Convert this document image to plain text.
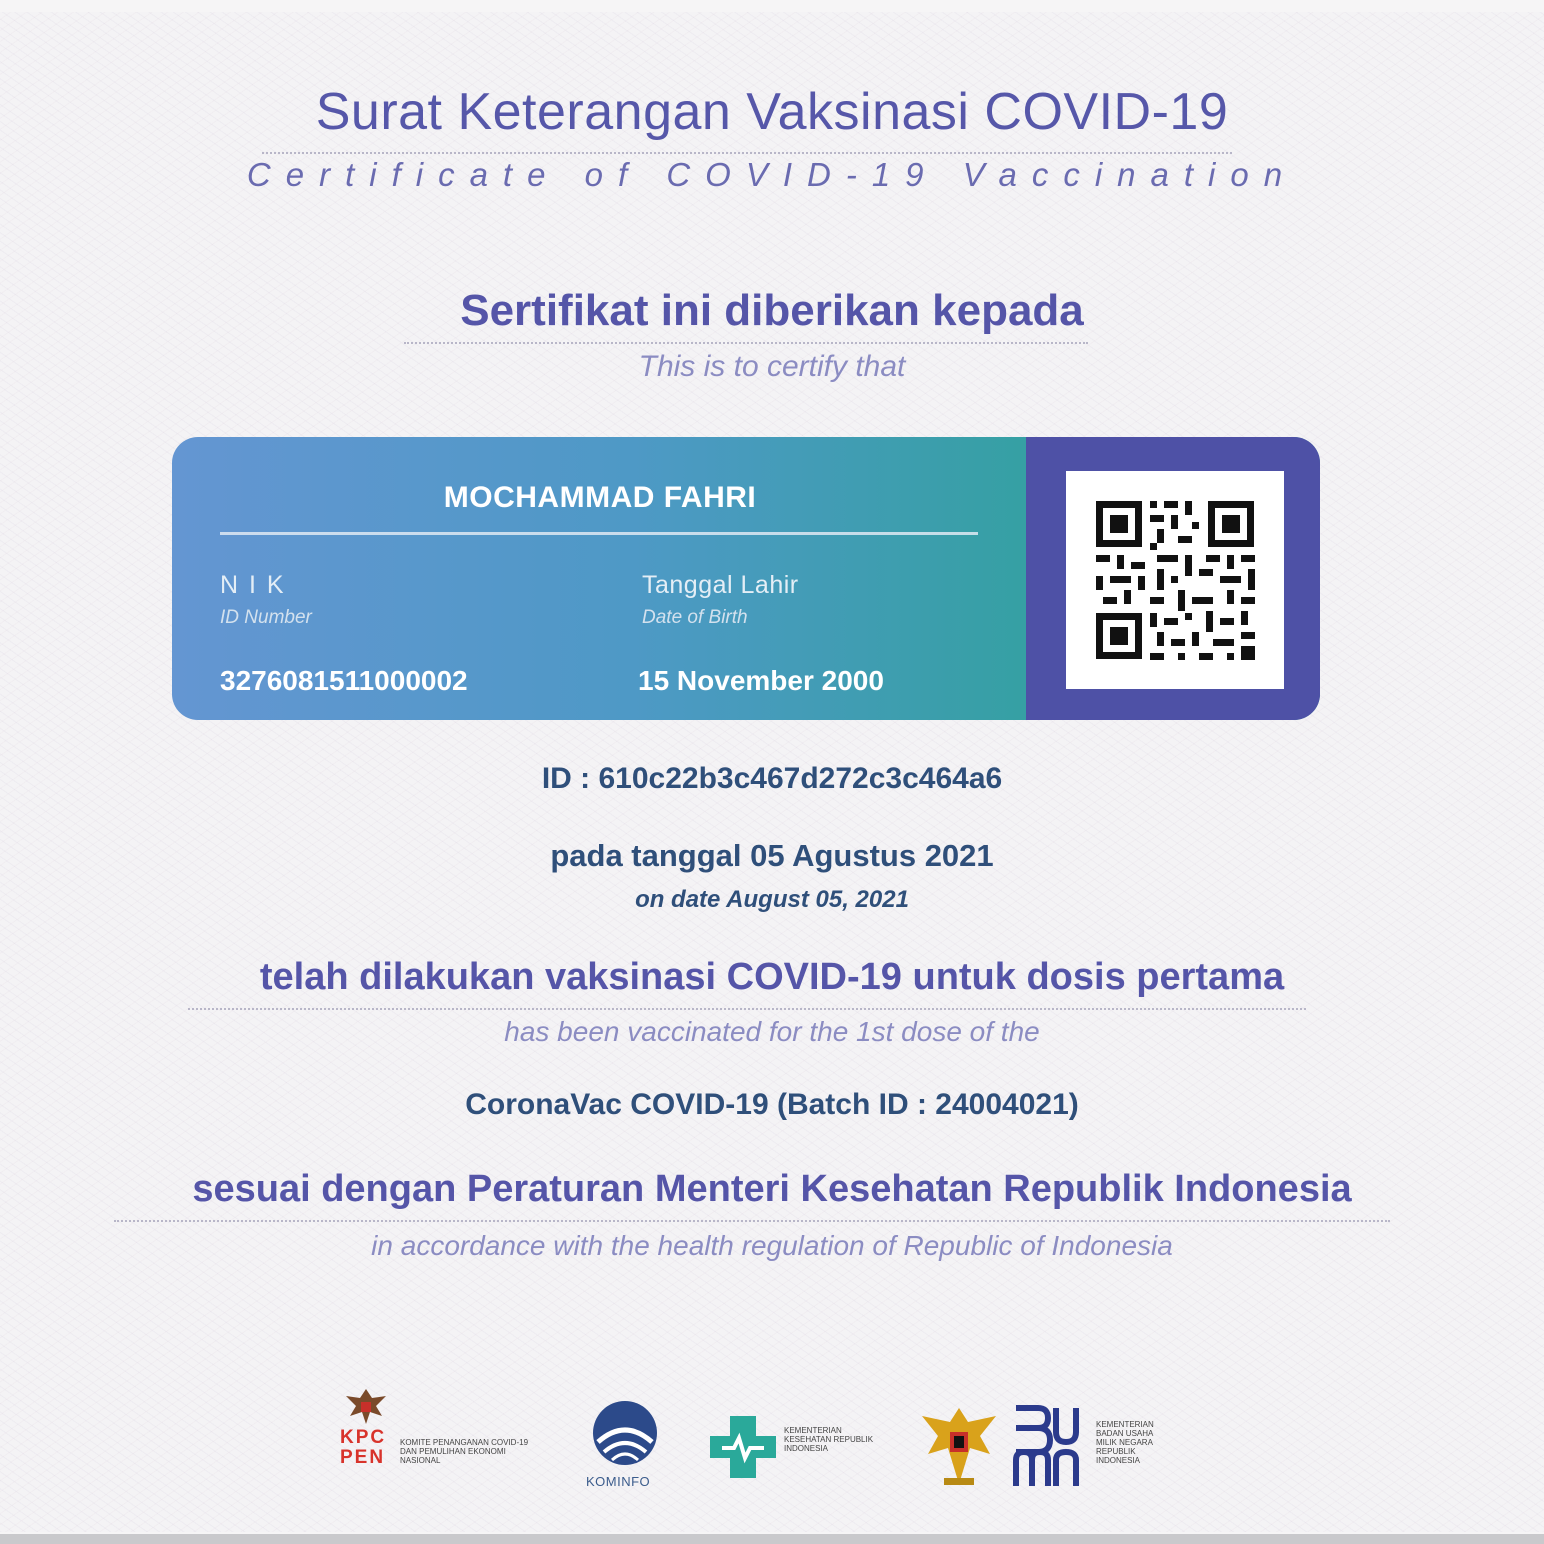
Surat Keterangan Vaksinasi COVID-19
Certificate of COVID-19 Vaccination
Sertifikat ini diberikan kepada
This is to certify that
MOCHAMMAD FAHRI
N I K
ID Number
3276081511000002
Tanggal Lahir
Date of Birth
15 November 2000
ID : 610c22b3c467d272c3c464a6
pada tanggal 05 Agustus 2021
on date August 05, 2021
telah dilakukan vaksinasi COVID-19 untuk dosis pertama
has been vaccinated for the 1st dose of the
CoronaVac COVID-19 (Batch ID : 24004021)
sesuai dengan Peraturan Menteri Kesehatan Republik Indonesia
in accordance with the health regulation of Republic of Indonesia
KPC
PEN
KOMITE PENANGANAN COVID-19 DAN PEMULIHAN EKONOMI NASIONAL
KOMINFO
KEMENTERIAN KESEHATAN REPUBLIK INDONESIA
KEMENTERIAN BADAN USAHA MILIK NEGARA REPUBLIK INDONESIA
